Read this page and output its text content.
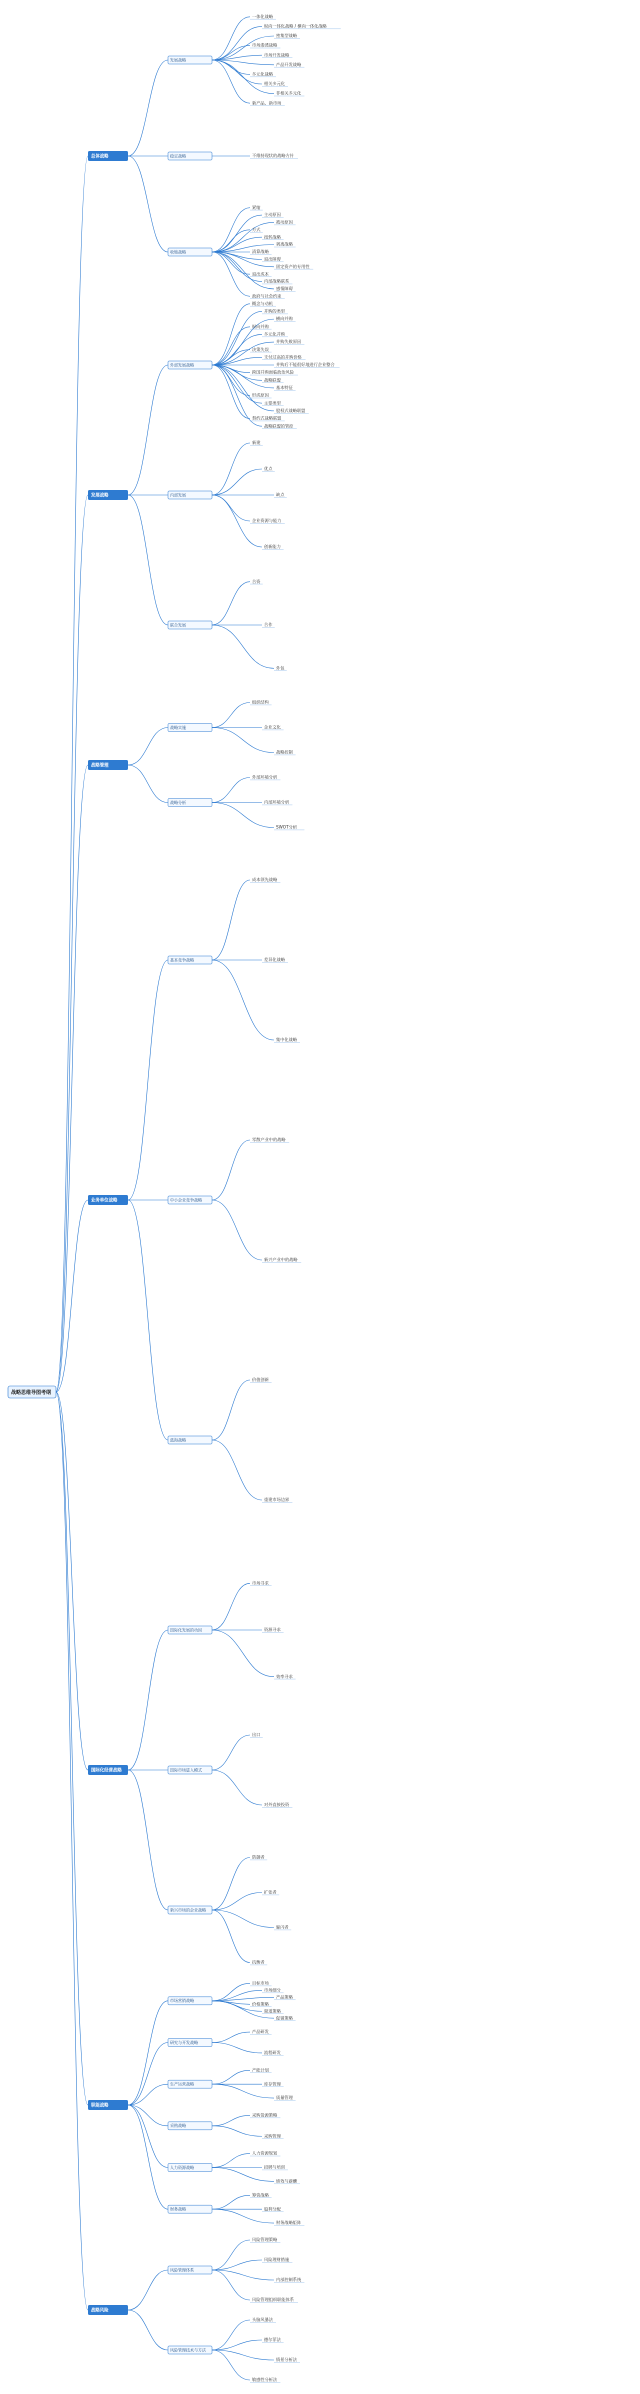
战略思维导图考纲
总体战略
发展战略
一体化战略
纵向一体化战略 / 横向一体化战略
密集型战略
市场渗透战略
市场开发战略
产品开发战略
多元化战略
相关多元化
非相关多元化
新产品、新市场
稳定战略	不维持现状的战略方针
收缩战略
紧缩
主动原因
被动原因
方式
扭转战略
剥离战略
清算战略
退出障碍
固定资产的专用性
退出成本
内部战略联系
感情障碍
政府与社会约束
发展战略
外部发展战略
概念与动机
并购的类型
横向并购
纵向并购
多元化并购
并购失败原因
决策失误
支付过高的并购价格
并购后不能很好地进行企业整合
跨国并购面临政治风险
战略联盟
基本特征
形成原因
主要类型
股权式战略联盟
契约式战略联盟
战略联盟的管控
内部发展
新建
优点
缺点
企业资源与能力
创新能力
联合发展
合资
合作
外包
战略管理
战略实施
组织结构
企业文化
战略控制
战略分析
外部环境分析
内部环境分析
SWOT分析
业务单位战略
基本竞争战略
成本领先战略
差异化战略
集中化战略
中小企业竞争战略
零散产业中的战略
新兴产业中的战略
蓝海战略
价值创新
重建市场边界
国际化经营战略
国际化发展的动因
市场寻求
资源寻求
效率寻求
国际市场进入模式
出口
对外直接投资
新兴市场的企业战略
防御者
扩张者
躲闪者
抗衡者
职能战略
市场营销战略
目标市场
市场细分
产品策略
价格策略
渠道策略
促销策略
研究与开发战略
产品研发
流程研发
生产运营战略
产能计划
库存管理
质量管理
采购战略
采购货源策略
采购管理
人力资源战略
人力资源规划
招聘与培训
绩效与薪酬
财务战略
筹资战略
股利分配
财务战略矩阵
战略风险
风险管理体系
风险管理策略
风险理财措施
内部控制系统
风险管理组织职能体系
风险管理技术与方法
头脑风暴法
德尔菲法
情景分析法
敏感性分析法
